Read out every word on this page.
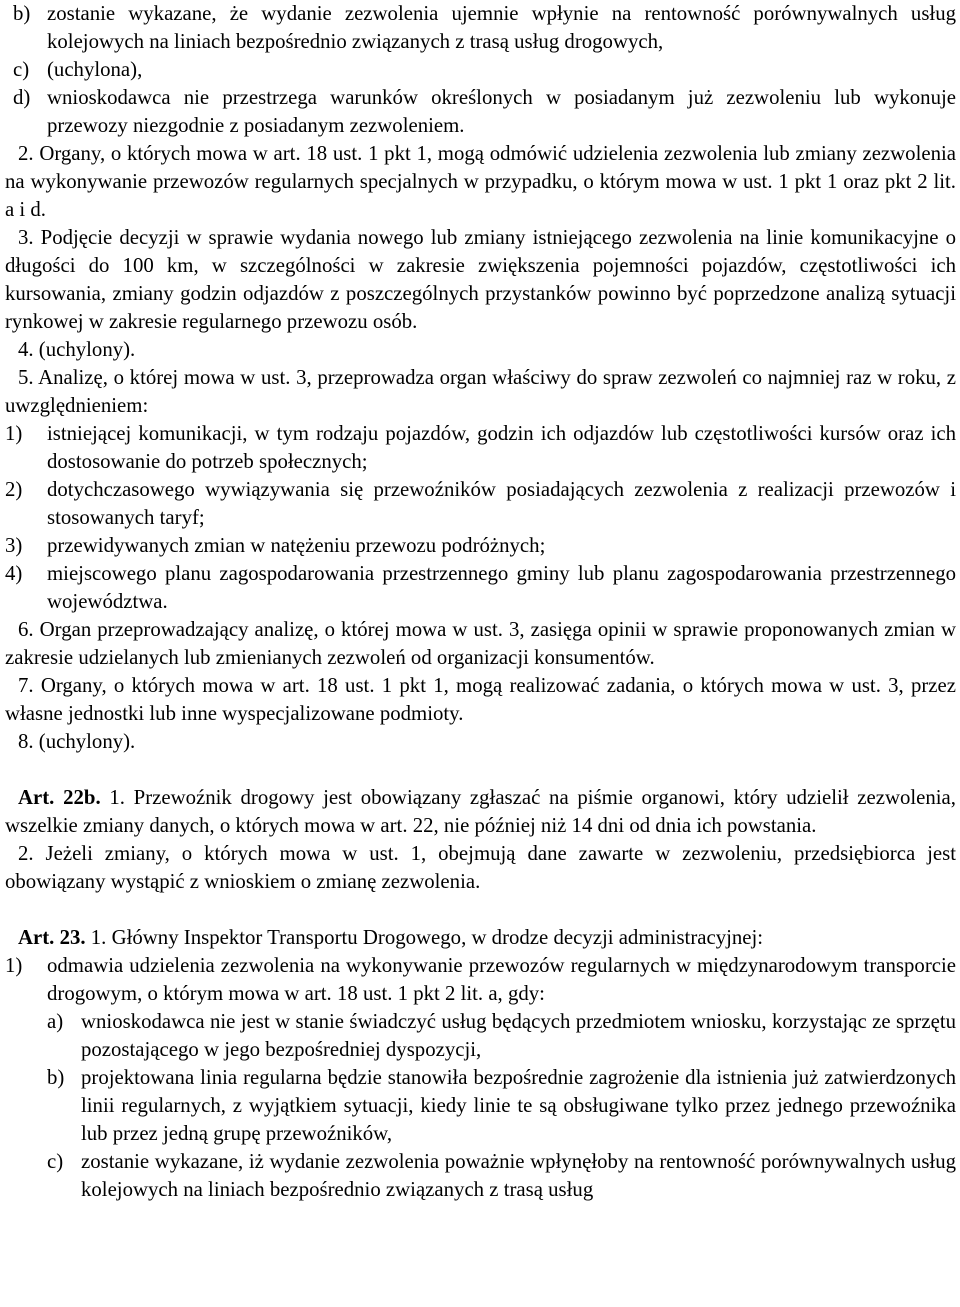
b) zostanie wykazane, że wydanie zezwolenia ujemnie wpłynie na rentowność porównywalnych usług kolejowych na liniach bezpośrednio związanych z trasą usług drogowych,
c) (uchylona),
d) wnioskodawca nie przestrzega warunków określonych w posiadanym już zezwoleniu lub wykonuje przewozy niezgodnie z posiadanym zezwoleniem.

2. Organy, o których mowa w art. 18 ust. 1 pkt 1, mogą odmówić udzielenia zezwolenia lub zmiany zezwolenia na wykonywanie przewozów regularnych specjalnych w przypadku, o którym mowa w ust. 1 pkt 1 oraz pkt 2 lit. a i d.

3. Podjęcie decyzji w sprawie wydania nowego lub zmiany istniejącego zezwolenia na linie komunikacyjne o długości do 100 km, w szczególności w zakresie zwiększenia pojemności pojazdów, częstotliwości ich kursowania, zmiany godzin odjazdów z poszczególnych przystanków powinno być poprzedzone analizą sytuacji rynkowej w zakresie regularnego przewozu osób.

4. (uchylony).

5. Analizę, o której mowa w ust. 3, przeprowadza organ właściwy do spraw zezwoleń co najmniej raz w roku, z uwzględnieniem:

1)	istniejącej komunikacji, w tym rodzaju pojazdów, godzin ich odjazdów lub częstotliwości kursów oraz ich dostosowanie do potrzeb społecznych;
2)	dotychczasowego wywiązywania się przewoźników posiadających zezwolenia z realizacji przewozów i stosowanych taryf;
3)	przewidywanych zmian w natężeniu przewozu podróżnych;
4)	miejscowego planu zagospodarowania przestrzennego gminy lub planu zagospodarowania przestrzennego województwa.

6. Organ przeprowadzający analizę, o której mowa w ust. 3, zasięga opinii w sprawie proponowanych zmian w zakresie udzielanych lub zmienianych zezwoleń od organizacji konsumentów.

7. Organy, o których mowa w art. 18 ust. 1 pkt 1, mogą realizować zadania, o których mowa w ust. 3, przez własne jednostki lub inne wyspecjalizowane podmioty.

8. (uchylony).

Art. 22b. 1. Przewoźnik drogowy jest obowiązany zgłaszać na piśmie organowi, który udzielił zezwolenia, wszelkie zmiany danych, o których mowa w art. 22, nie później niż 14 dni od dnia ich powstania.

2. Jeżeli zmiany, o których mowa w ust. 1, obejmują dane zawarte w zezwoleniu, przedsiębiorca jest obowiązany wystąpić z wnioskiem o zmianę zezwolenia.

Art. 23. 1. Główny Inspektor Transportu Drogowego, w drodze decyzji administracyjnej:

1)	odmawia udzielenia zezwolenia na wykonywanie przewozów regularnych w międzynarodowym transporcie drogowym, o którym mowa w art. 18 ust. 1 pkt 2 lit. a, gdy:
a) wnioskodawca nie jest w stanie świadczyć usług będących przedmiotem wniosku, korzystając ze sprzętu pozostającego w jego bezpośredniej dyspozycji,
b) projektowana linia regularna będzie stanowiła bezpośrednie zagrożenie dla istnienia już zatwierdzonych linii regularnych, z wyjątkiem sytuacji, kiedy linie te są obsługiwane tylko przez jednego przewoźnika lub przez jedną grupę przewoźników,
c) zostanie wykazane, iż wydanie zezwolenia poważnie wpłynęłoby na rentowność porównywalnych usług kolejowych na liniach bezpośrednio związanych z trasą usług
